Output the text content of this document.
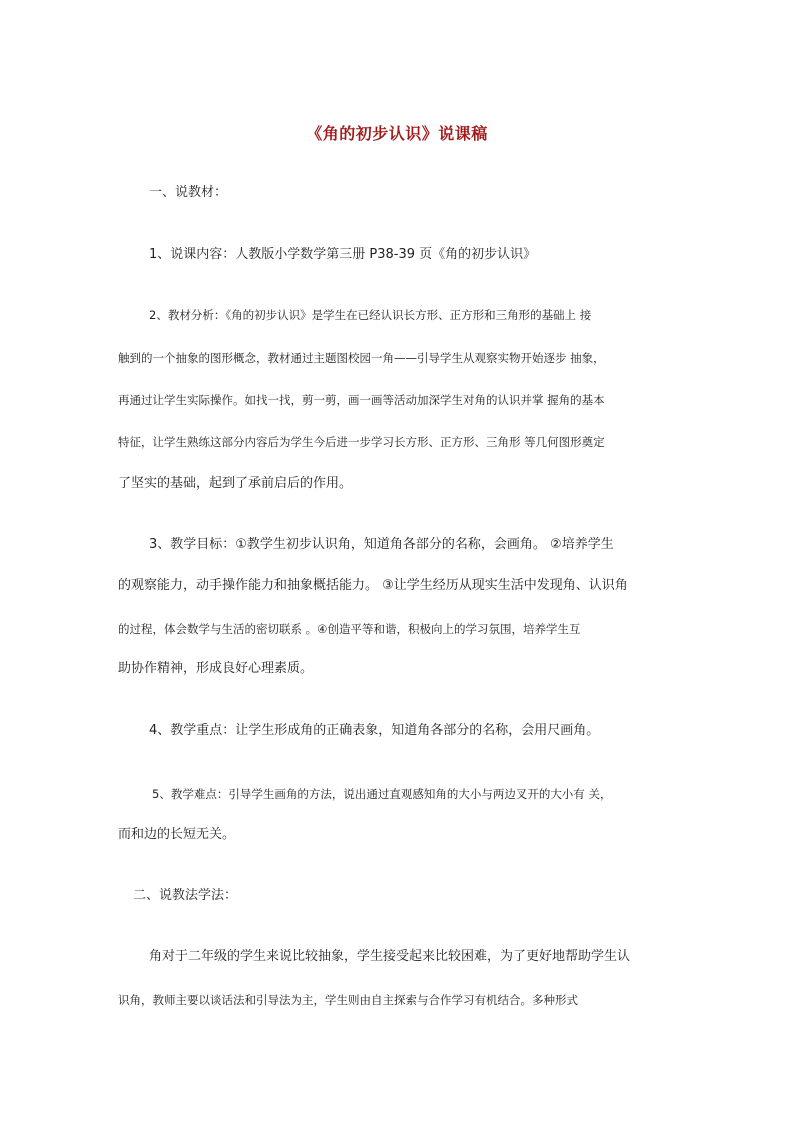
《角的初步认识》说课稿
一、说教材：
1、说课内容：人教版小学数学第三册 P38-39 页《角的初步认识》
2、教材分析：《角的初步认识》是学生在已经认识长方形、正方形和三角形的基础上 接
触到的一个抽象的图形概念，教材通过主题图校园一角——引导学生从观察实物开始逐步 抽象，
再通过让学生实际操作。如找一找，剪一剪，画一画等活动加深学生对角的认识并掌 握角的基本
特征，让学生熟练这部分内容后为学生今后进一步学习长方形、正方形、三角形 等几何图形奠定
了坚实的基础，起到了承前启后的作用。
3、教学目标：①教学生初步认识角，知道角各部分的名称，会画角。 ②培养学生
的观察能力，动手操作能力和抽象概括能力。 ③让学生经历从现实生活中发现角、认识角
的过程，体会数学与生活的密切联系 。④创造平等和谐，积极向上的学习氛围，培养学生互
助协作精神，形成良好心理素质。
4、教学重点：让学生形成角的正确表象，知道角各部分的名称，会用尺画角。
5、教学难点：引导学生画角的方法，说出通过直观感知角的大小与两边叉开的大小有 关，
而和边的长短无关。
二、说教法学法：
角对于二年级的学生来说比较抽象，学生接受起来比较困难，为了更好地帮助学生认
识角，教师主要以谈话法和引导法为主，学生则由自主探索与合作学习有机结合。多种形式
